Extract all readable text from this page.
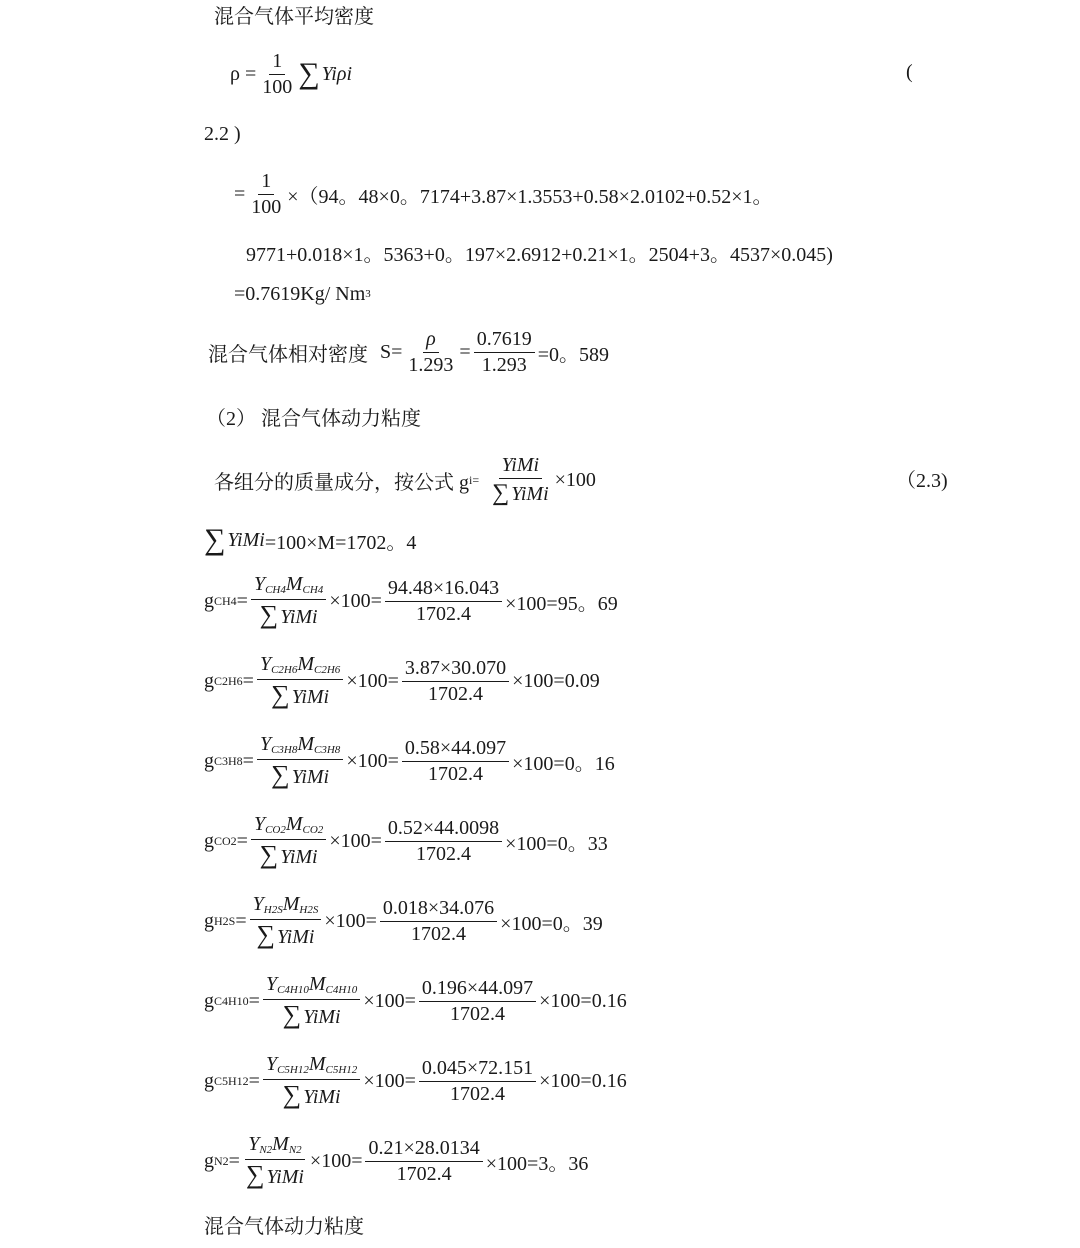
混合气体平均密度
$\rho = \frac{1}{100}$ ∑ Yiρi	(
2.2 )
= $\frac{1}{100} \times(94$。48×0。7174+3.87×1.3553+0.58×2.0102+0.52×1。
9771+0.018×1。5363+0。197×2.6912+0.21×1。2504+3。4537×0.045)
=0.7619Kg/ Nm 3
混合气体相对密度 $S= \frac{\rho}{1.293} = \frac{0.7619}{1.293} =0$。589
（2） 混合气体动力粘度
各组分的质量成分，按公式 g $i= \frac{\text{YiMi}}{\text{∑ YiMi}} \times 100$	（2.3)
∑ YiMi =100×M=1702。4
g $CH4 = \frac{Y_{CH4}M_{CH4}}{\text{∑ YiMi}} \times 100= \frac{94.48\times 16.043}{1702.4} \times 100=95$。69
g $C2H6 = \frac{Y_{C2H6}M_{C2H6}}{\text{∑ YiMi}} \times 100= \frac{3.87\times 30.070}{1702.4} \times 100=0.09$
g $C3H8 = \frac{Y_{C3H8}M_{C3H8}}{\text{∑ YiMi}} \times 100= \frac{0.58\times 44.097}{1702.4} \times 100=0$。16
g $CO2 = \frac{Y_{CO2}M_{CO2}}{\text{∑ YiMi}} \times 100= \frac{0.52\times 44.0098}{1702.4} \times 100=0$。33
g $H2S = \frac{Y_{H2S}M_{H2S}}{\text{∑ YiMi}} \times 100= \frac{0.018\times 34.076}{1702.4} \times 100=0$。39
g $C4H10 = \frac{Y_{C4H10}M_{C4H10}}{\text{∑ YiMi}} \times 100= \frac{0.196\times 44.097}{1702.4} \times 100=0.16$
g $C5H12 = \frac{Y_{C5H12}M_{C5H12}}{\text{∑ YiMi}} \times 100= \frac{0.045\times 72.151}{1702.4} \times 100=0.16$
g $N2 = \frac{Y_{N2}M_{N2}}{\text{∑ YiMi}} \times 100= \frac{0.21\times 28.0134}{1702.4} \times 100=3$。36
混合气体动力粘度
